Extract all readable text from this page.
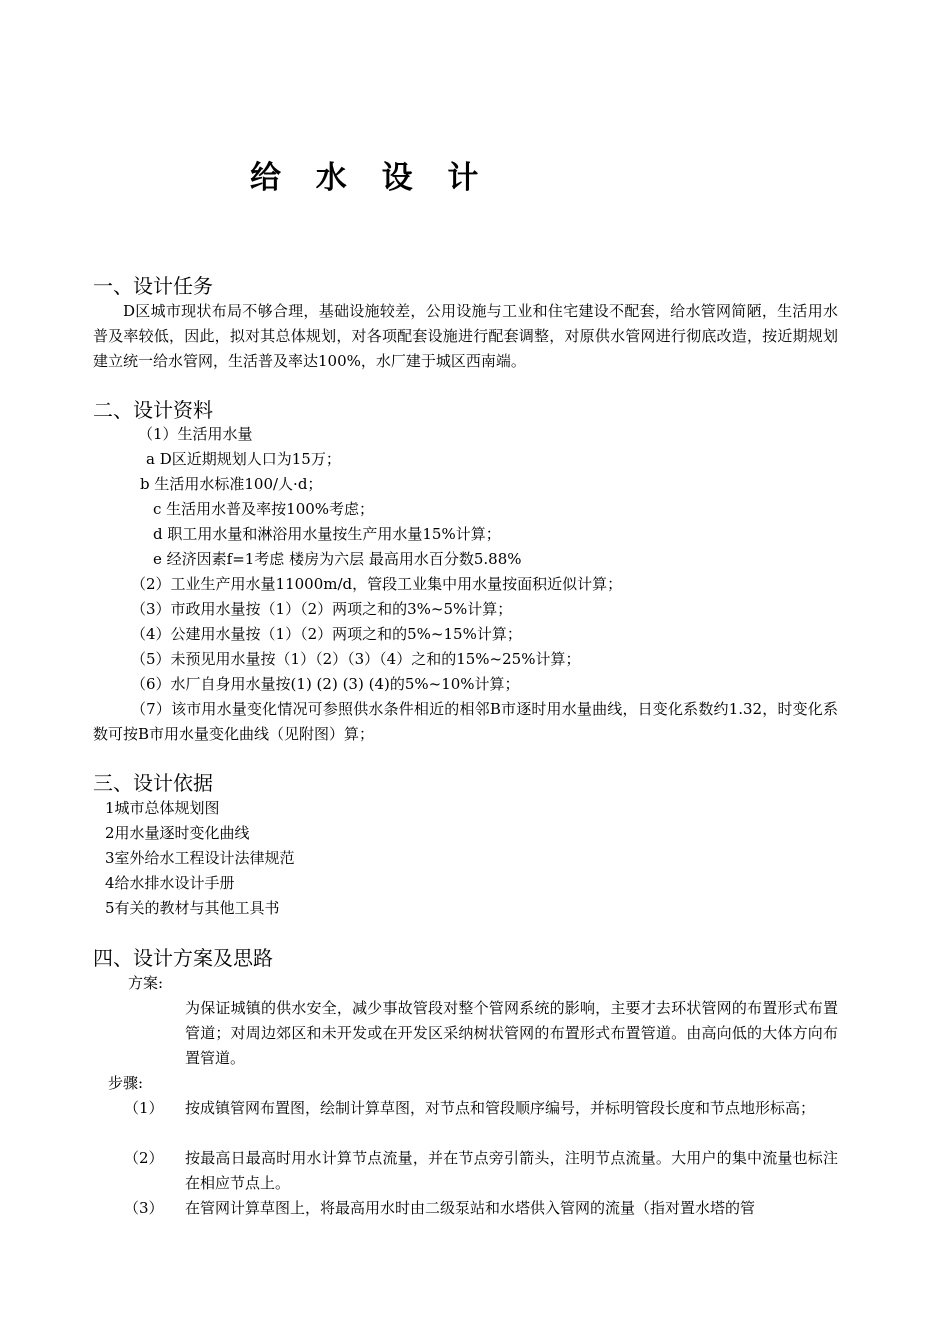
给 水 设 计
一、设计任务
D区城市现状布局不够合理，基础设施较差，公用设施与工业和住宅建设不配套，给水管网简陋，生活用水普及率较低，因此，拟对其总体规划，对各项配套设施进行配套调整，对原供水管网进行彻底改造，按近期规划建立统一给水管网，生活普及率达100%，水厂建于城区西南端。
二、设计资料
（1）生活用水量
a D区近期规划人口为15万；
b 生活用水标准100/人·d；
c 生活用水普及率按100%考虑；
d 职工用水量和淋浴用水量按生产用水量15%计算；
e 经济因素f=1考虑 楼房为六层 最高用水百分数5.88%
（2）工业生产用水量11000m/d，管段工业集中用水量按面积近似计算；
（3）市政用水量按（1）（2）两项之和的3%~5%计算；
（4）公建用水量按（1）（2）两项之和的5%~15%计算；
（5）未预见用水量按（1）（2）（3）（4）之和的15%~25%计算；
（6）水厂自身用水量按(1) (2) (3) (4)的5%~10%计算；
（7）该市用水量变化情况可参照供水条件相近的相邻B市逐时用水量曲线，日变化系数约1.32，时变化系数可按B市用水量变化曲线（见附图）算；
三、设计依据
1城市总体规划图
2用水量逐时变化曲线
3室外给水工程设计法律规范
4给水排水设计手册
5有关的教材与其他工具书
四、设计方案及思路
方案:
为保证城镇的供水安全，减少事故管段对整个管网系统的影响，主要才去环状管网的布置形式布置管道；对周边郊区和未开发或在开发区采纳树状管网的布置形式布置管道。由高向低的大体方向布置管道。
步骤:
（1） 按成镇管网布置图，绘制计算草图，对节点和管段顺序编号，并标明管段长度和节点地形标高；
（2） 按最高日最高时用水计算节点流量，并在节点旁引箭头，注明节点流量。大用户的集中流量也标注在相应节点上。
（3） 在管网计算草图上，将最高用水时由二级泵站和水塔供入管网的流量（指对置水塔的管
